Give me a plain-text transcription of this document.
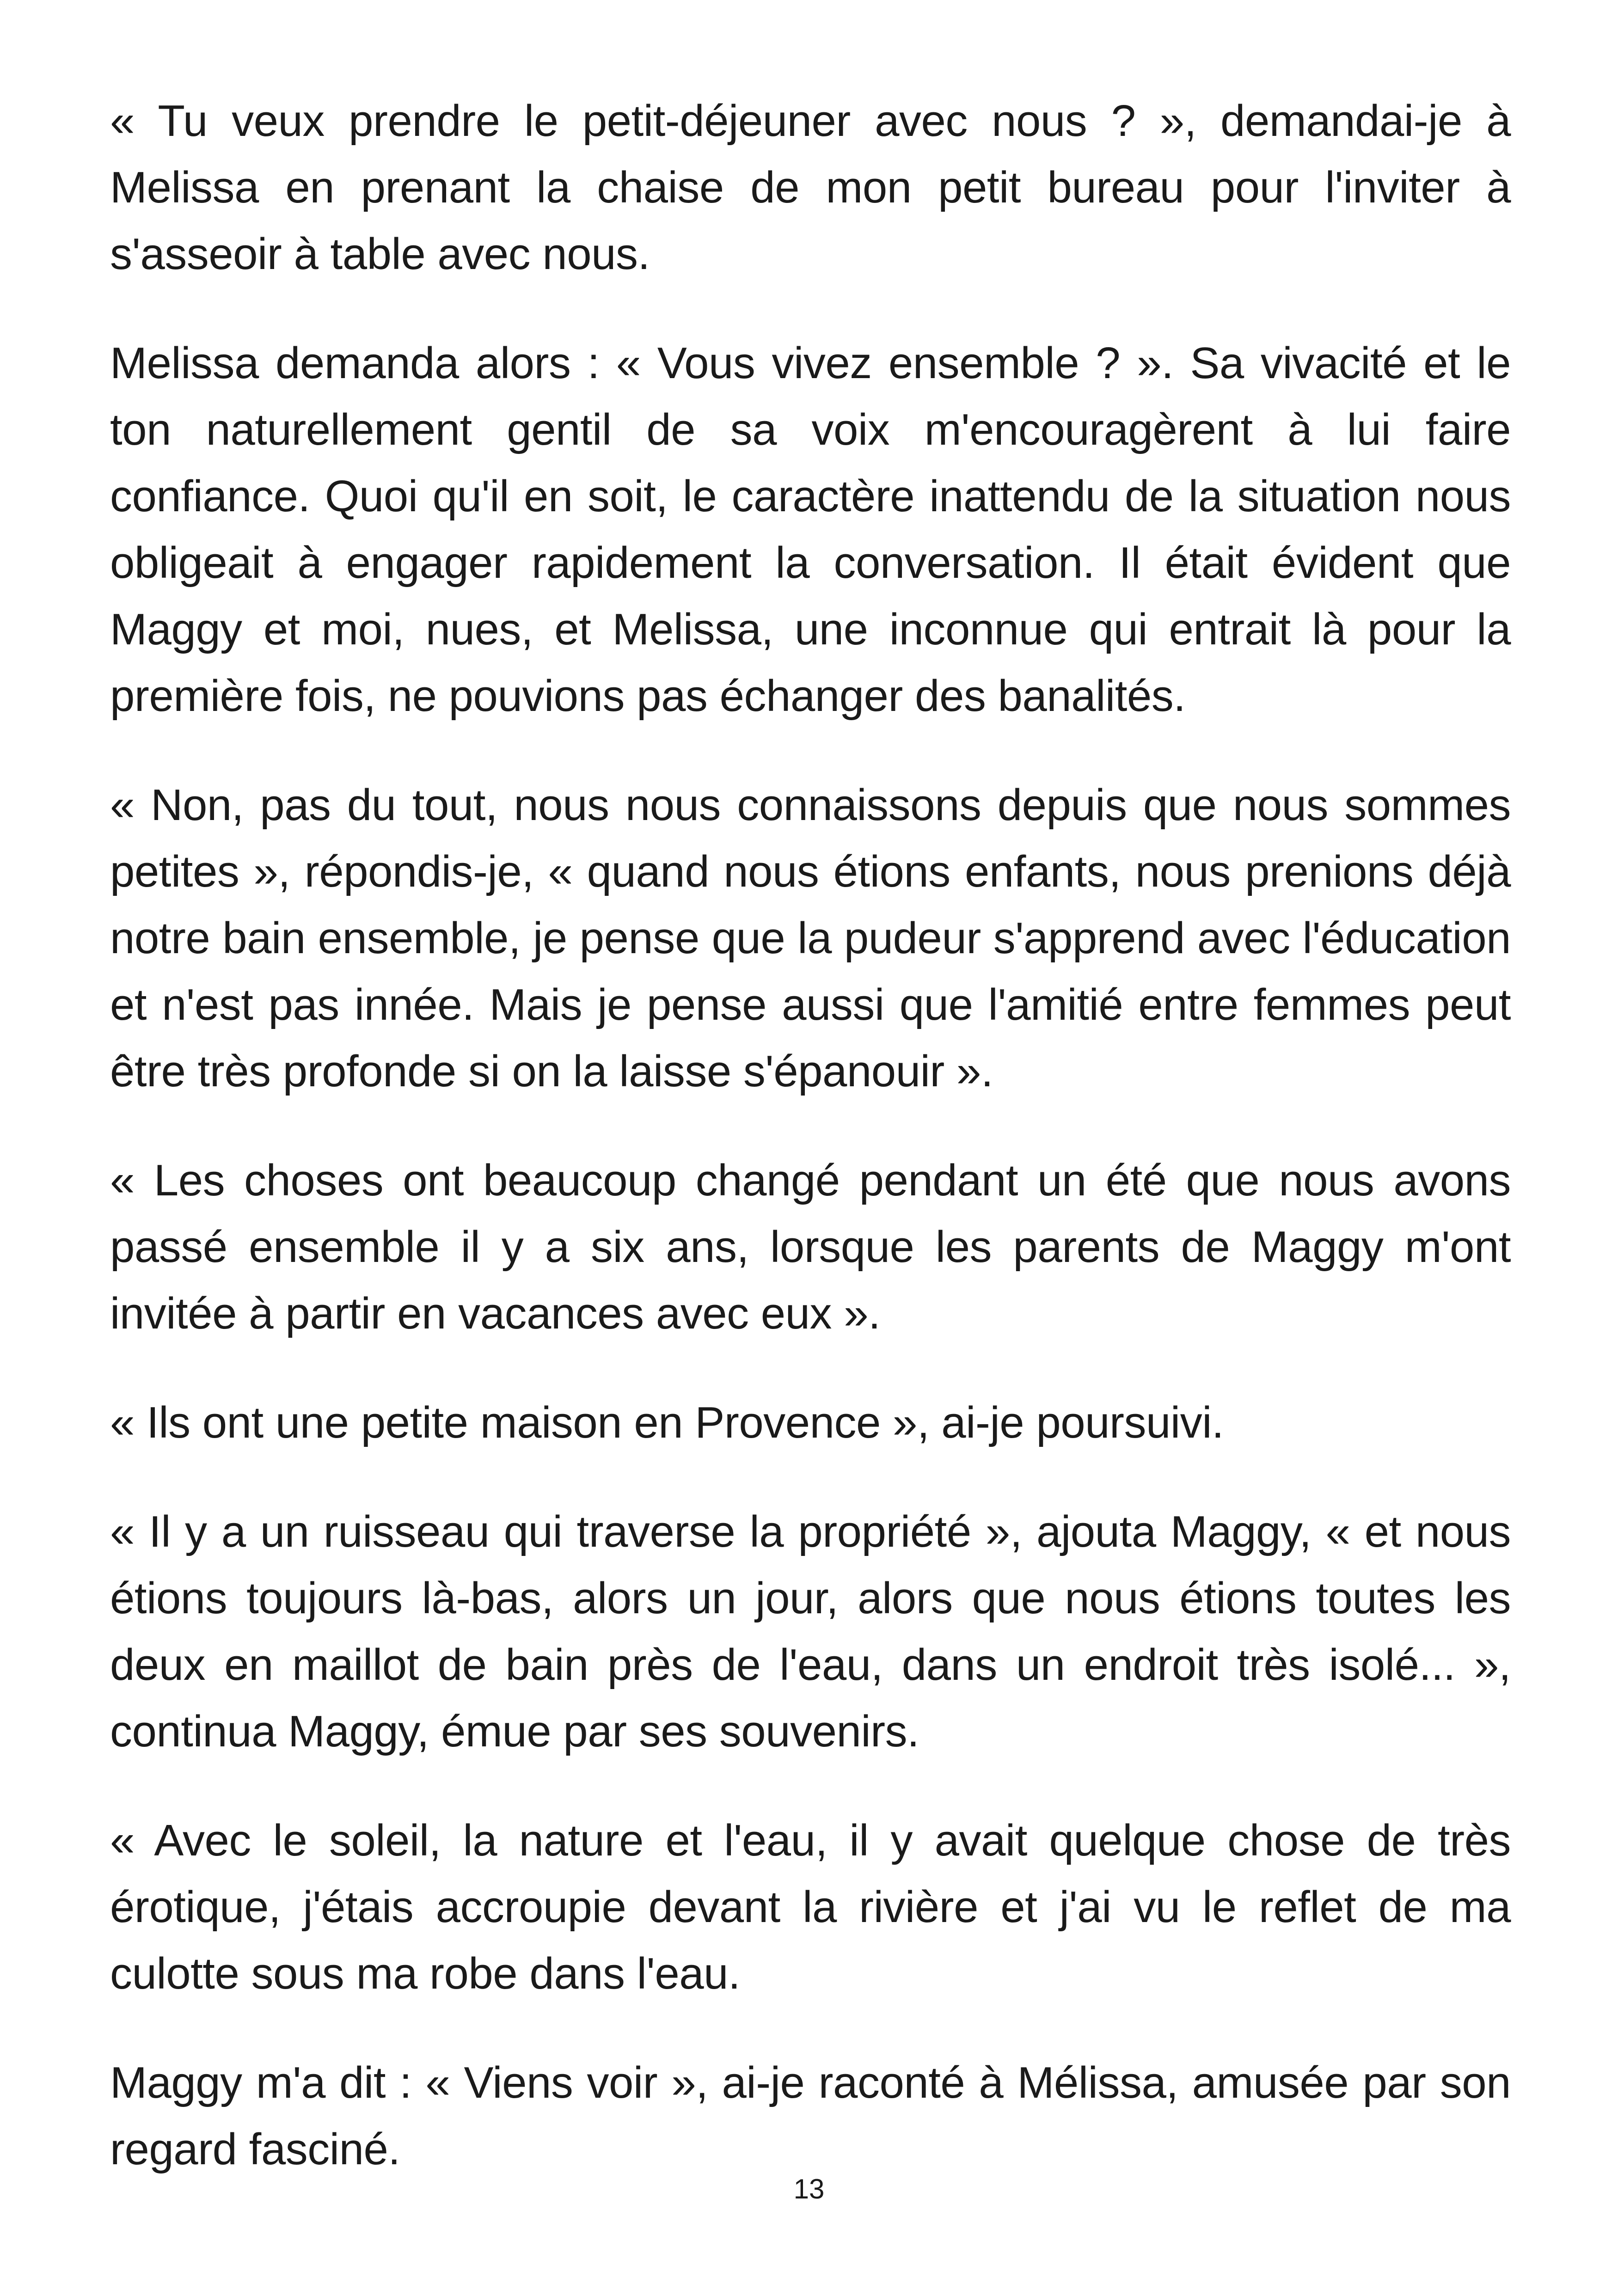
« Tu veux prendre le petit-déjeuner avec nous ? », demandai-je à Melissa en prenant la chaise de mon petit bureau pour l'inviter à s'asseoir à table avec nous.

Melissa demanda alors : « Vous vivez ensemble ? ». Sa vivacité et le ton naturellement gentil de sa voix m'encouragèrent à lui faire confiance. Quoi qu'il en soit, le caractère inattendu de la situation nous obligeait à engager rapidement la conversation. Il était évident que Maggy et moi, nues, et Melissa, une inconnue qui entrait là pour la première fois, ne pouvions pas échanger des banalités.

« Non, pas du tout, nous nous connaissons depuis que nous sommes petites », répondis-je, « quand nous étions enfants, nous prenions déjà notre bain ensemble, je pense que la pudeur s'apprend avec l'éducation et n'est pas innée. Mais je pense aussi que l'amitié entre femmes peut être très profonde si on la laisse s'épanouir ».

« Les choses ont beaucoup changé pendant un été que nous avons passé ensemble il y a six ans, lorsque les parents de Maggy m'ont invitée à partir en vacances avec eux ».

« Ils ont une petite maison en Provence », ai-je poursuivi.

« Il y a un ruisseau qui traverse la propriété », ajouta Maggy, « et nous étions toujours là-bas, alors un jour, alors que nous étions toutes les deux en maillot de bain près de l'eau, dans un endroit très isolé... », continua Maggy, émue par ses souvenirs.

« Avec le soleil, la nature et l'eau, il y avait quelque chose de très érotique, j'étais accroupie devant la rivière et j'ai vu le reflet de ma culotte sous ma robe dans l'eau.

Maggy m'a dit : « Viens voir », ai-je raconté à Mélissa, amusée par son regard fasciné.

13
